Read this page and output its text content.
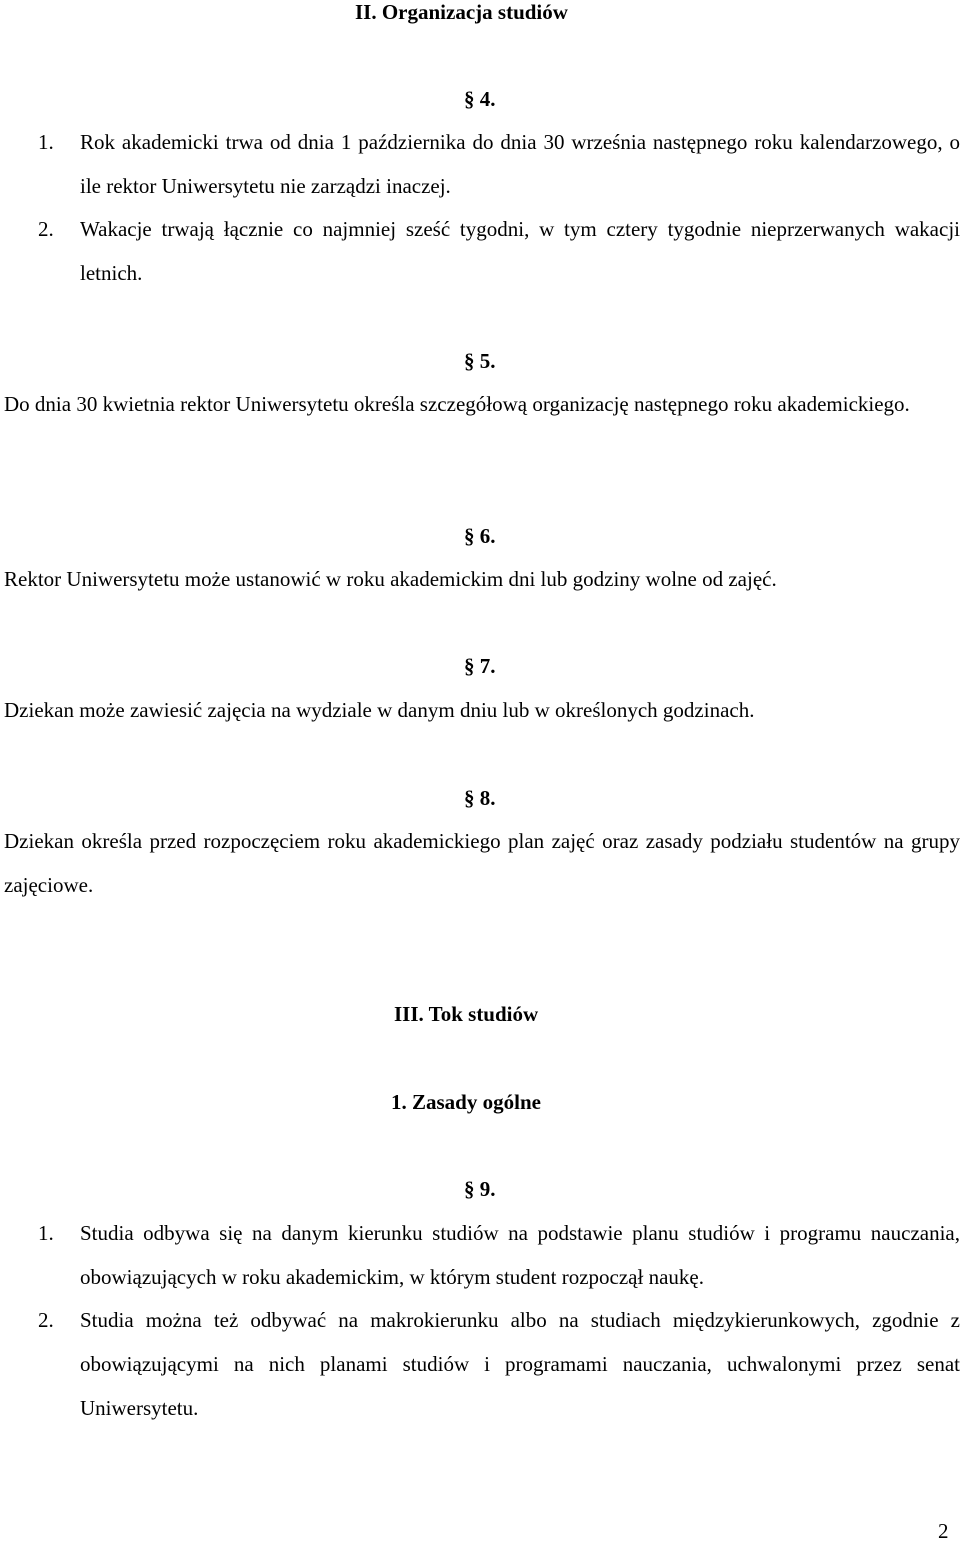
II. Organizacja studiów
§ 4.
1. Rok akademicki trwa od dnia 1 października do dnia 30 września następnego roku kalendarzowego, o ile rektor Uniwersytetu nie zarządzi inaczej.
2. Wakacje trwają łącznie co najmniej sześć tygodni, w tym cztery tygodnie nieprzerwanych wakacji letnich.
§ 5.
Do dnia 30 kwietnia rektor Uniwersytetu określa szczegółową organizację następnego roku akademickiego.
§ 6.
Rektor Uniwersytetu może ustanowić w roku akademickim dni lub godziny wolne od zajęć.
§ 7.
Dziekan może zawiesić zajęcia na wydziale w danym dniu lub w określonych godzinach.
§ 8.
Dziekan określa przed rozpoczęciem roku akademickiego plan zajęć oraz zasady podziału studentów na grupy zajęciowe.
III. Tok studiów
1. Zasady ogólne
§ 9.
1. Studia odbywa się na danym kierunku studiów na podstawie planu studiów i programu nauczania, obowiązujących w roku akademickim, w którym student rozpoczął naukę.
2. Studia można też odbywać na makrokierunku albo na studiach międzykierunkowych, zgodnie z obowiązującymi na nich planami studiów i programami nauczania, uchwalonymi przez senat Uniwersytetu.
2
